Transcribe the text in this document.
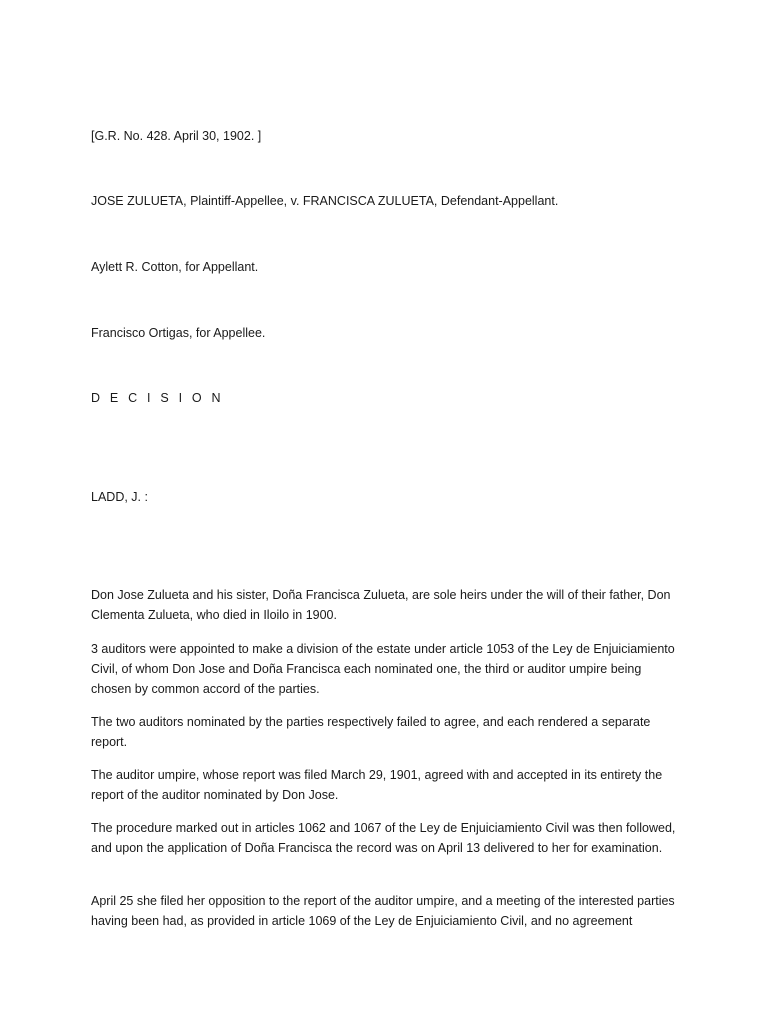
[G.R. No. 428. April 30, 1902. ]

JOSE ZULUETA, Plaintiff-Appellee, v. FRANCISCA ZULUETA, Defendant-Appellant.

Aylett R. Cotton, for Appellant.

Francisco Ortigas, for Appellee.

D E C I S I O N

LADD, J. :

Don Jose Zulueta and his sister, Doña Francisca Zulueta, are sole heirs under the will of their father, Don Clementa Zulueta, who died in Iloilo in 1900.

3 auditors were appointed to make a division of the estate under article 1053 of the Ley de Enjuiciamiento Civil, of whom Don Jose and Doña Francisca each nominated one, the third or auditor umpire being chosen by common accord of the parties.

The two auditors nominated by the parties respectively failed to agree, and each rendered a separate report.

The auditor umpire, whose report was filed March 29, 1901, agreed with and accepted in its entirety the report of the auditor nominated by Don Jose.

The procedure marked out in articles 1062 and 1067 of the Ley de Enjuiciamiento Civil was then followed, and upon the application of Doña Francisca the record was on April 13 delivered to her for examination.

April 25 she filed her opposition to the report of the auditor umpire, and a meeting of the interested parties having been had, as provided in article 1069 of the Ley de Enjuiciamiento Civil, and no agreement
